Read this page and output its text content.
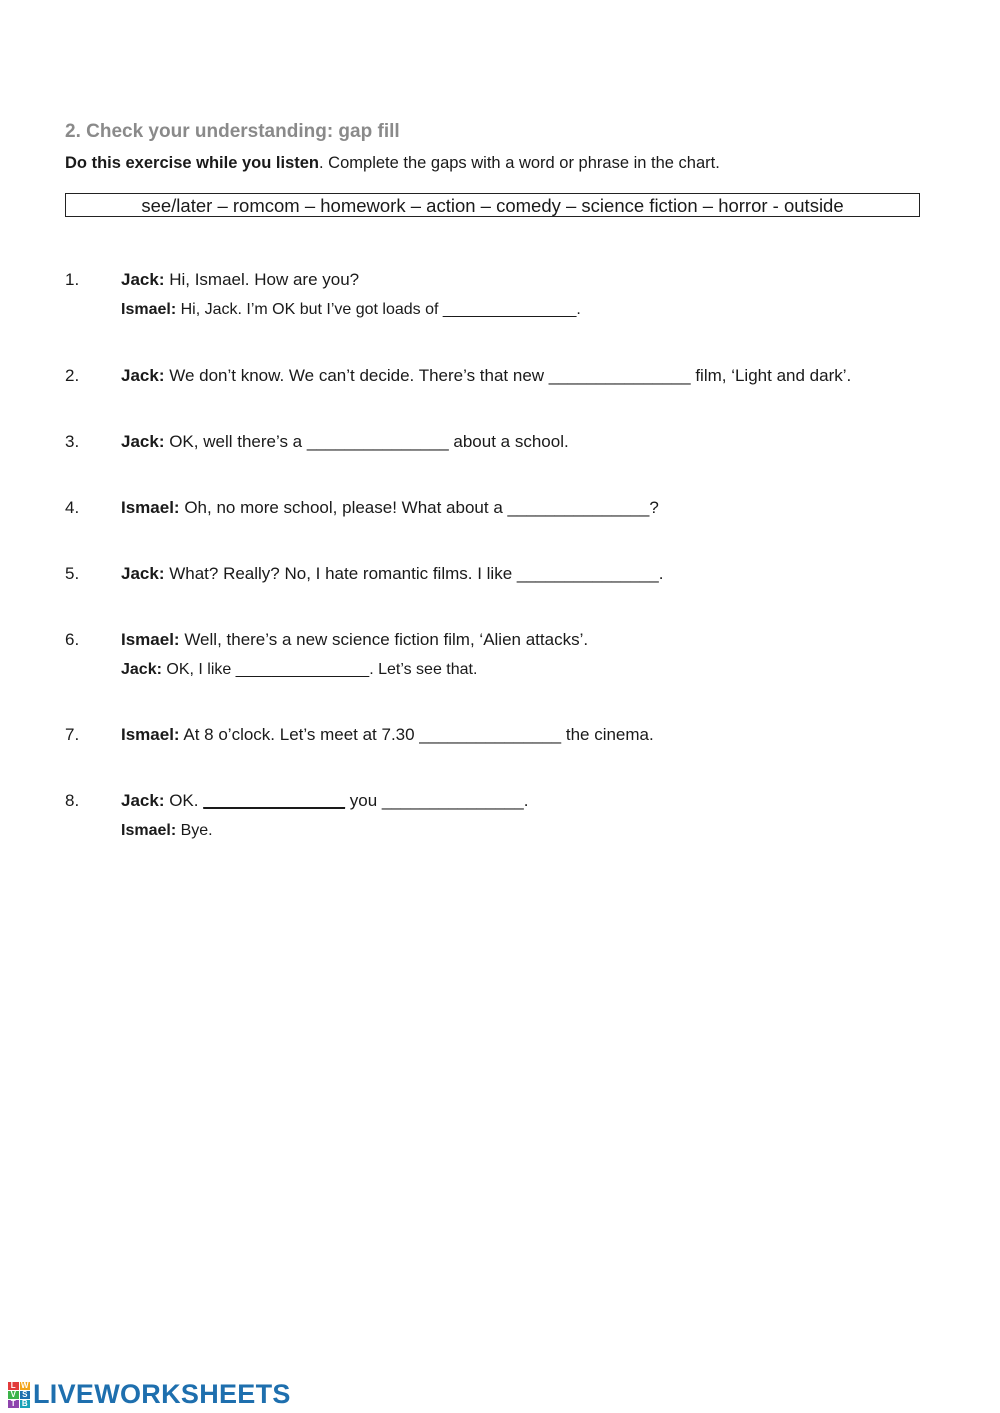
2. Check your understanding: gap fill
Do this exercise while you listen. Complete the gaps with a word or phrase in the chart.
see/later – romcom – homework – action – comedy – science fiction – horror - outside
1. Jack: Hi, Ismael. How are you?
Ismael: Hi, Jack. I’m OK but I’ve got loads of _______________.
2. Jack: We don’t know. We can’t decide. There’s that new _______________ film, ‘Light and dark’.
3. Jack: OK, well there’s a _______________ about a school.
4. Ismael: Oh, no more school, please! What about a _______________?
5. Jack: What? Really? No, I hate romantic films. I like _______________.
6. Ismael: Well, there’s a new science fiction film, ‘Alien attacks’.
Jack: OK, I like _______________. Let’s see that.
7. Ismael: At 8 o’clock. Let’s meet at 7.30 _______________ the cinema.
8. Jack: OK. _______________ you _______________.
Ismael: Bye.
L W
V S
T B LIVEWORKSHEETS
